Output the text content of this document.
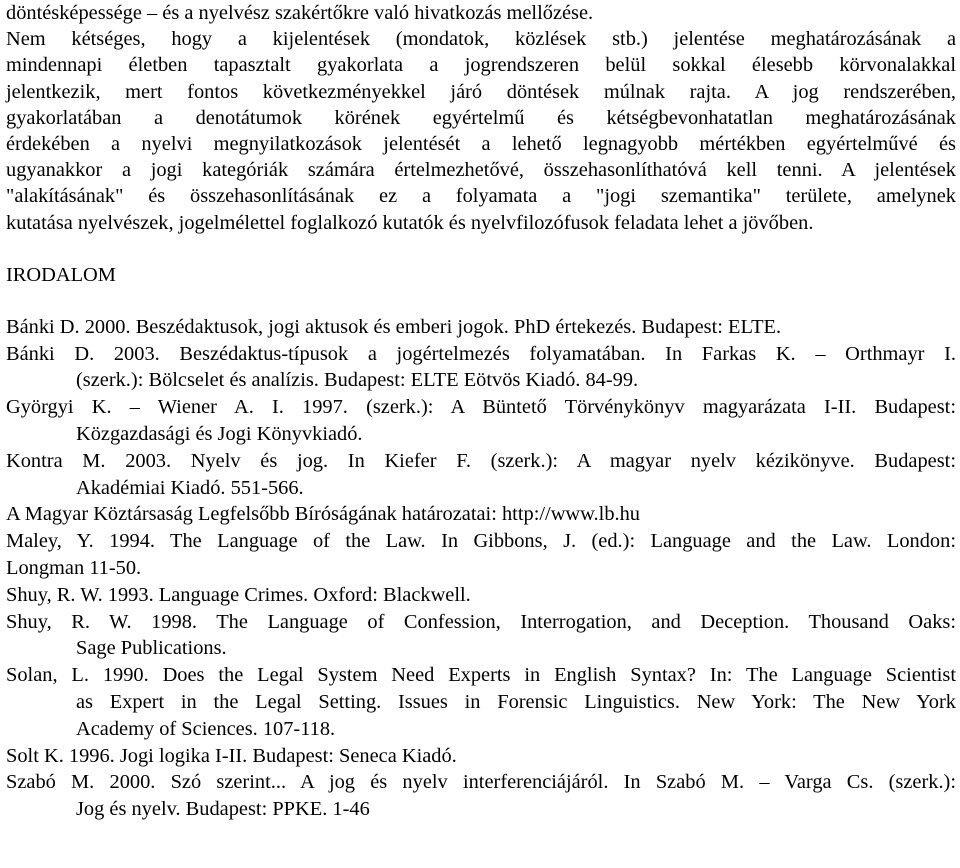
döntésképessége – és a nyelvész szakértőkre való hivatkozás mellőzése.
Nem kétséges, hogy a kijelentések (mondatok, közlések stb.) jelentése meghatározásának a
mindennapi életben tapasztalt gyakorlata a jogrendszeren belül sokkal élesebb körvonalakkal
jelentkezik, mert fontos következményekkel járó döntések múlnak rajta. A jog rendszerében,
gyakorlatában a denotátumok körének egyértelmű és kétségbevonhatatlan meghatározásának
érdekében a nyelvi megnyilatkozások jelentését a lehető legnagyobb mértékben egyértelművé és
ugyanakkor a jogi kategóriák számára értelmezhetővé, összehasonlíthatóvá kell tenni. A jelentések
"alakításának" és összehasonlításának ez a folyamata a "jogi szemantika" területe, amelynek
kutatása nyelvészek, jogelmélettel foglalkozó kutatók és nyelvfilozófusok feladata lehet a jövőben.

IRODALOM

Bánki D. 2000. Beszédaktusok, jogi aktusok és emberi jogok. PhD értekezés. Budapest: ELTE.

Bánki D. 2003. Beszédaktus-típusok a jogértelmezés folyamatában. In Farkas K. – Orthmayr I.
(szerk.): Bölcselet és analízis. Budapest: ELTE Eötvös Kiadó. 84-99.

Györgyi K. – Wiener A. I. 1997. (szerk.): A Büntető Törvénykönyv magyarázata I-II. Budapest:
Közgazdasági és Jogi Könyvkiadó.

Kontra M. 2003. Nyelv és jog. In Kiefer F. (szerk.): A magyar nyelv kézikönyve. Budapest:
Akadémiai Kiadó. 551-566.

A Magyar Köztársaság Legfelsőbb Bíróságának határozatai: http://www.lb.hu

Maley, Y. 1994. The Language of the Law. In Gibbons, J. (ed.): Language and the Law. London:
Longman 11-50.

Shuy, R. W. 1993. Language Crimes. Oxford: Blackwell.

Shuy, R. W. 1998. The Language of Confession, Interrogation, and Deception. Thousand Oaks:
Sage Publications.

Solan, L. 1990. Does the Legal System Need Experts in English Syntax? In: The Language Scientist
as Expert in the Legal Setting. Issues in Forensic Linguistics. New York: The New York
Academy of Sciences. 107-118.

Solt K. 1996. Jogi logika I-II. Budapest: Seneca Kiadó.

Szabó M. 2000. Szó szerint... A jog és nyelv interferenciájáról. In Szabó M. – Varga Cs. (szerk.):
Jog és nyelv. Budapest: PPKE. 1-46
